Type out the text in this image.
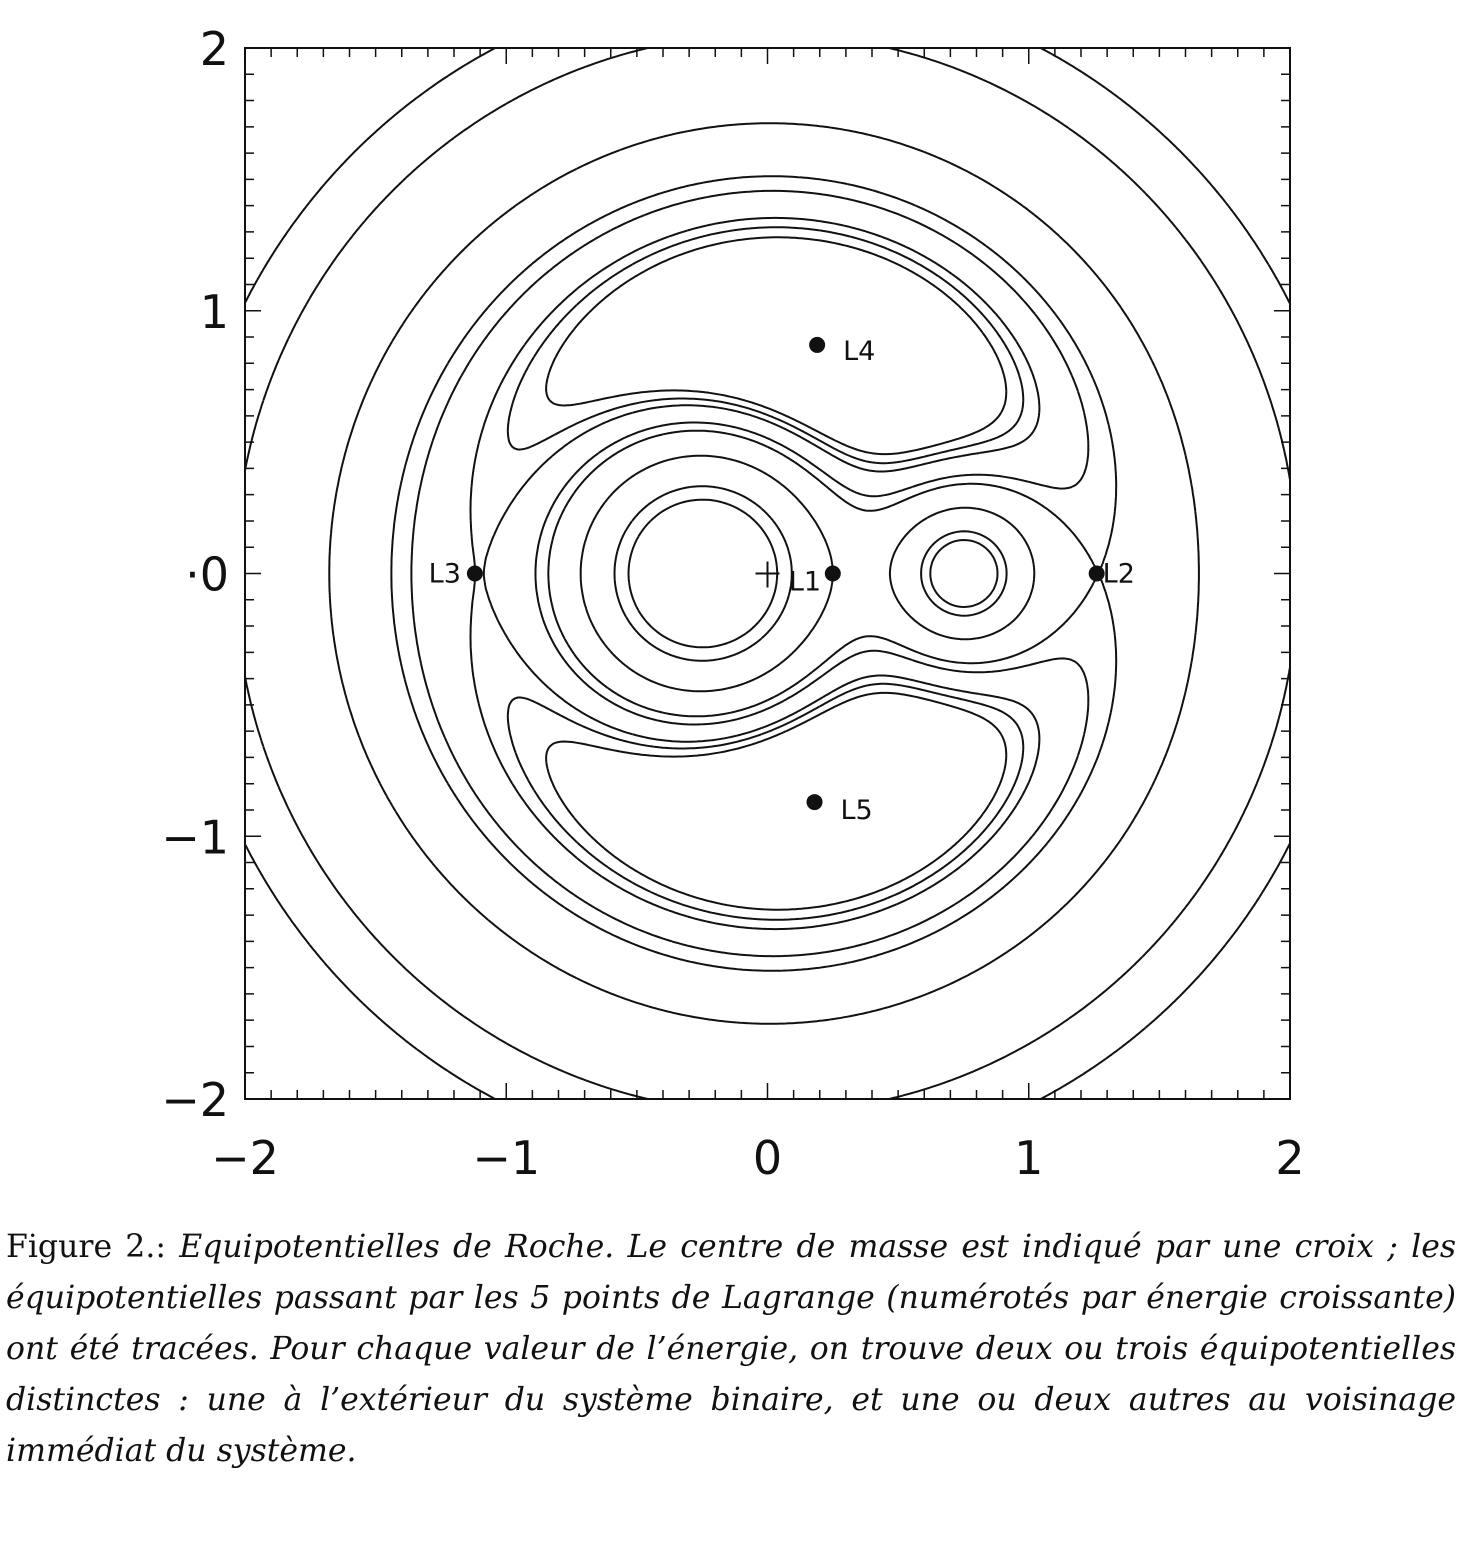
−2	−1	0	1	2
2
1
·0
−1
−2
L1	L2
L3
L4
L5
Figure 2.: Equipotentielles de Roche. Le centre de masse est indiqué par une croix ; les équipotentielles passant par les 5 points de Lagrange (numérotés par énergie croissante) ont été tracées. Pour chaque valeur de l’énergie, on trouve deux ou trois équipotentielles distinctes : une à l’extérieur du système binaire, et une ou deux autres au voisinage immédiat du système.
